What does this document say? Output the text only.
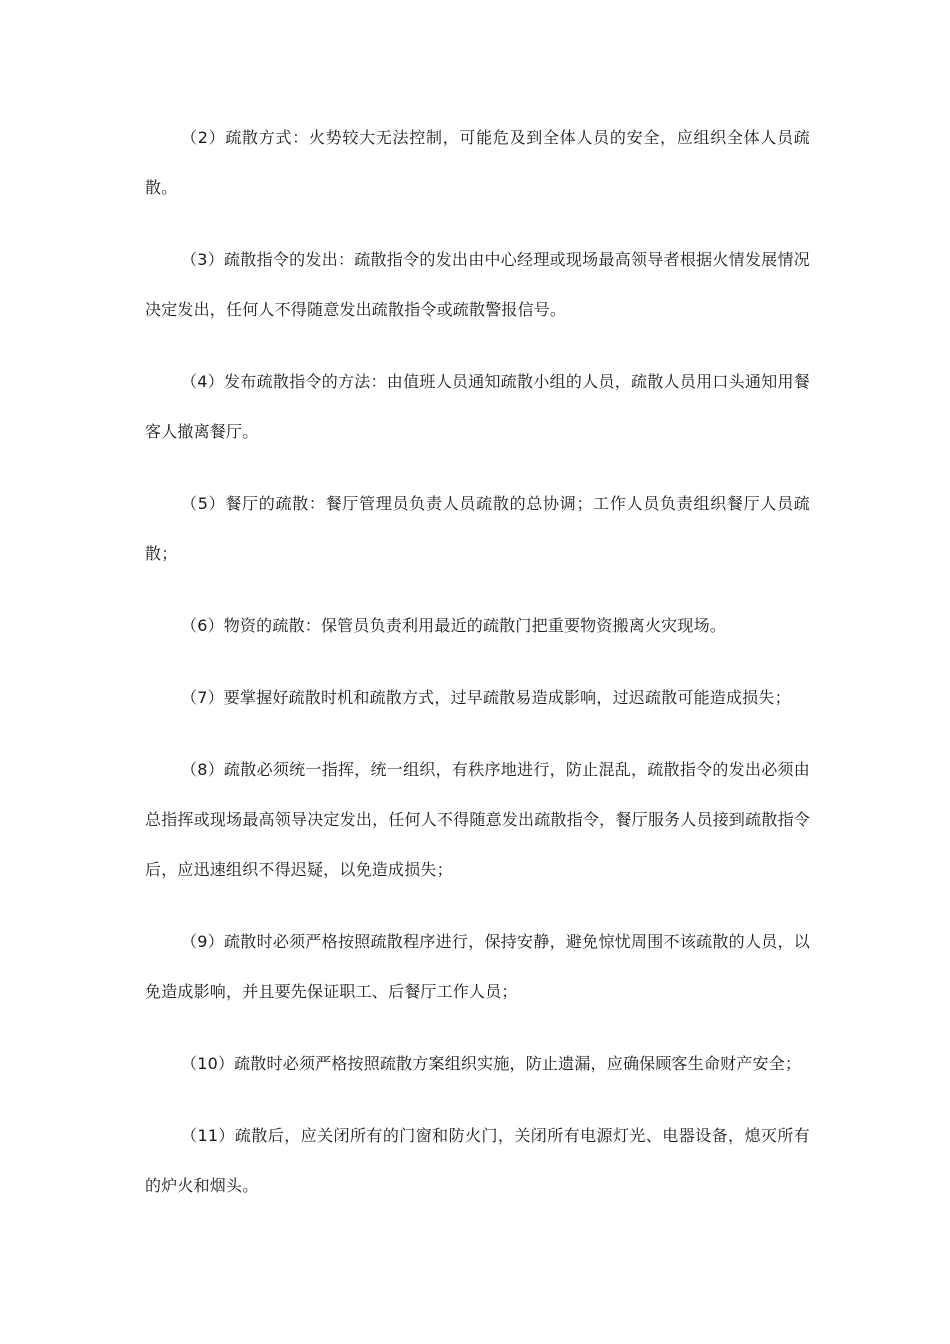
（2）疏散方式：火势较大无法控制，可能危及到全体人员的安全，应组织全体人员疏散。

（3）疏散指令的发出：疏散指令的发出由中心经理或现场最高领导者根据火情发展情况决定发出，任何人不得随意发出疏散指令或疏散警报信号。

（4）发布疏散指令的方法：由值班人员通知疏散小组的人员，疏散人员用口头通知用餐客人撤离餐厅。

（5）餐厅的疏散：餐厅管理员负责人员疏散的总协调；工作人员负责组织餐厅人员疏散；

（6）物资的疏散：保管员负责利用最近的疏散门把重要物资搬离火灾现场。

（7）要掌握好疏散时机和疏散方式，过早疏散易造成影响，过迟疏散可能造成损失；

（8）疏散必须统一指挥，统一组织，有秩序地进行，防止混乱，疏散指令的发出必须由总指挥或现场最高领导决定发出，任何人不得随意发出疏散指令，餐厅服务人员接到疏散指令后，应迅速组织不得迟疑，以免造成损失；

（9）疏散时必须严格按照疏散程序进行，保持安静，避免惊忧周围不该疏散的人员，以免造成影响，并且要先保证职工、后餐厅工作人员；

（10）疏散时必须严格按照疏散方案组织实施，防止遗漏，应确保顾客生命财产安全；

（11）疏散后，应关闭所有的门窗和防火门，关闭所有电源灯光、电器设备，熄灭所有的炉火和烟头。
